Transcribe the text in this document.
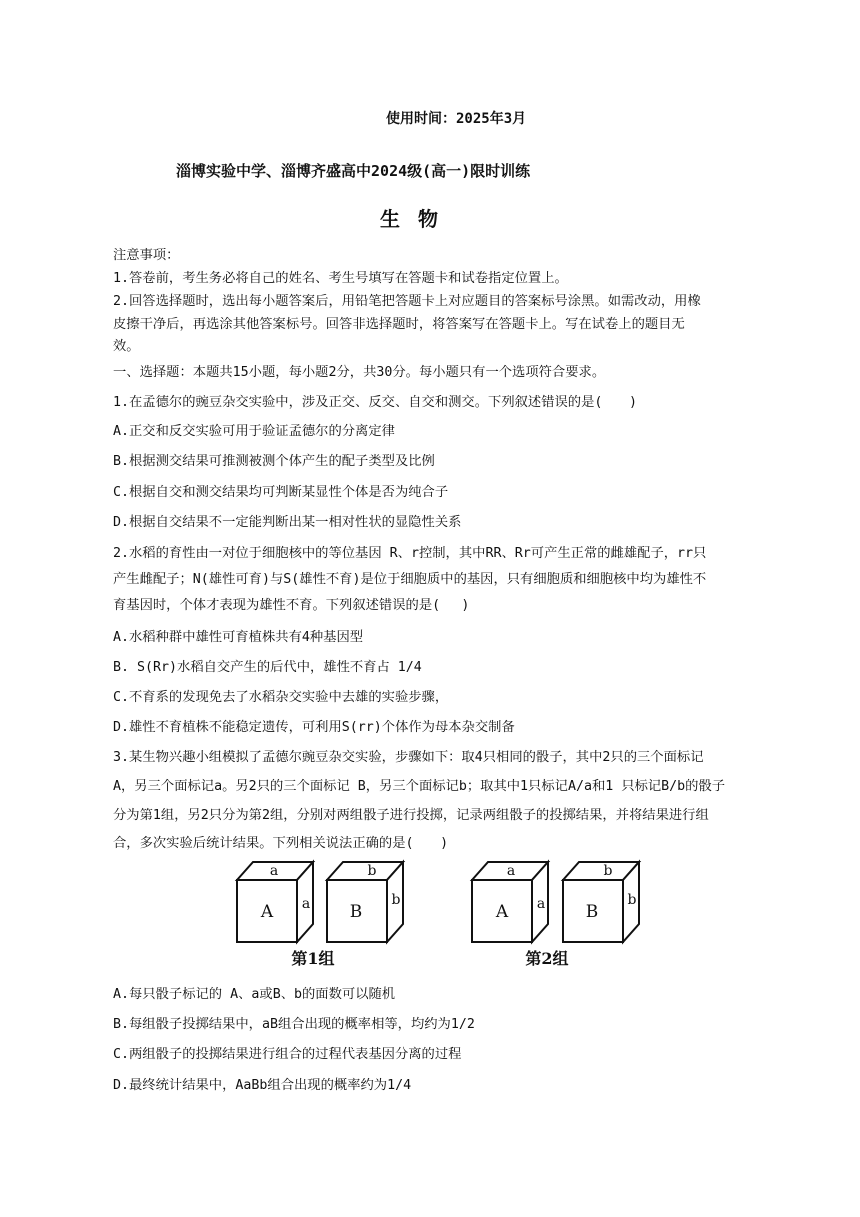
使用时间：2025年3月
淄博实验中学、淄博齐盛高中2024级(高一)限时训练
生物
注意事项：
1.答卷前，考生务必将自己的姓名、考生号填写在答题卡和试卷指定位置上。
2.回答选择题时，选出每小题答案后，用铅笔把答题卡上对应题目的答案标号涂黑。如需改动，用橡
皮擦干净后，再选涂其他答案标号。回答非选择题时，将答案写在答题卡上。写在试卷上的题目无
效。
一、选择题：本题共15小题，每小题2分，共30分。每小题只有一个选项符合要求。
1.在孟德尔的豌豆杂交实验中，涉及正交、反交、自交和测交。下列叙述错误的是(　　)
A.正交和反交实验可用于验证孟德尔的分离定律
B.根据测交结果可推测被测个体产生的配子类型及比例
C.根据自交和测交结果均可判断某显性个体是否为纯合子
D.根据自交结果不一定能判断出某一相对性状的显隐性关系
2.水稻的育性由一对位于细胞核中的等位基因 R、r控制，其中RR、Rr可产生正常的雌雄配子，rr只
产生雌配子；N(雄性可育)与S(雄性不育)是位于细胞质中的基因，只有细胞质和细胞核中均为雄性不
育基因时，个体才表现为雄性不育。下列叙述错误的是(　 )
A.水稻种群中雄性可育植株共有4种基因型
B. S(Rr)水稻自交产生的后代中，雄性不育占 1/4
C.不育系的发现免去了水稻杂交实验中去雄的实验步骤，
D.雄性不育植株不能稳定遗传，可利用S(rr)个体作为母本杂交制备
3.某生物兴趣小组模拟了孟德尔豌豆杂交实验，步骤如下：取4只相同的骰子，其中2只的三个面标记
A，另三个面标记a。另2只的三个面标记 B，另三个面标记b；取其中1只标记A/a和1 只标记B/b的骰子
分为第1组，另2只分为第2组，分别对两组骰子进行投掷，记录两组骰子的投掷结果，并将结果进行组
合，多次实验后统计结果。下列相关说法正确的是(　　)
a
a
A
b
b
B
第1组
a
a
A
b
b
B
第2组
A.每只骰子标记的 A、a或B、b的面数可以随机
B.每组骰子投掷结果中，aB组合出现的概率相等，均约为1/2
C.两组骰子的投掷结果进行组合的过程代表基因分离的过程
D.最终统计结果中，AaBb组合出现的概率约为1/4
